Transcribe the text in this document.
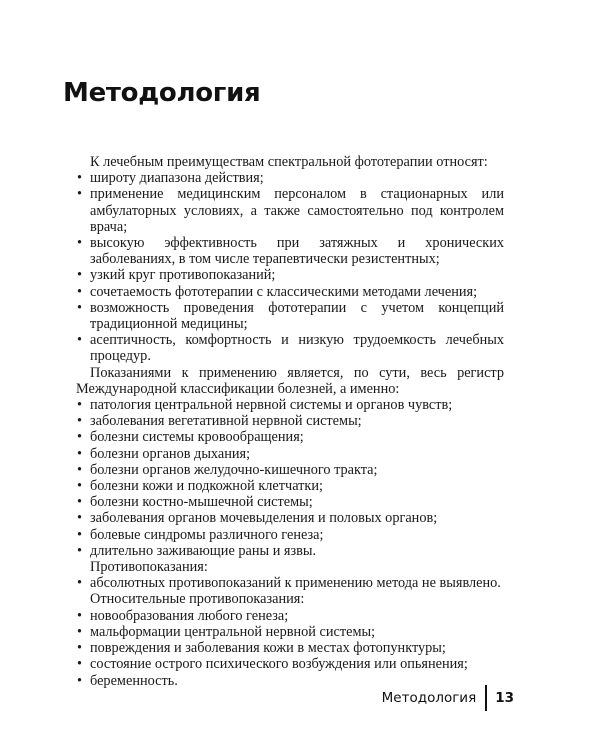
Методология

К лечебным преимуществам спектральной фототерапии относят:

• широту диапазона действия;
• применение медицинским персоналом в стационарных или амбулаторных условиях, а также самостоятельно под контролем врача;
• высокую эффективность при затяжных и хронических заболеваниях, в том числе терапевтически резистентных;
• узкий круг противопоказаний;
• сочетаемость фототерапии с классическими методами лечения;
• возможность проведения фототерапии с учетом концепций традиционной медицины;
• асептичность, комфортность и низкую трудоемкость лечебных процедур.

Показаниями к применению является, по сути, весь регистр Международной классификации болезней, а именно:

• патология центральной нервной системы и органов чувств;
• заболевания вегетативной нервной системы;
• болезни системы кровообращения;
• болезни органов дыхания;
• болезни органов желудочно-кишечного тракта;
• болезни кожи и подкожной клетчатки;
• болезни костно-мышечной системы;
• заболевания органов мочевыделения и половых органов;
• болевые синдромы различного генеза;
• длительно заживающие раны и язвы.

Противопоказания:

• абсолютных противопоказаний к применению метода не выявлено.

Относительные противопоказания:

• новообразования любого генеза;
• мальформации центральной нервной системы;
• повреждения и заболевания кожи в местах фотопунктуры;
• состояние острого психического возбуждения или опьянения;
• беременность.
Методология 13
